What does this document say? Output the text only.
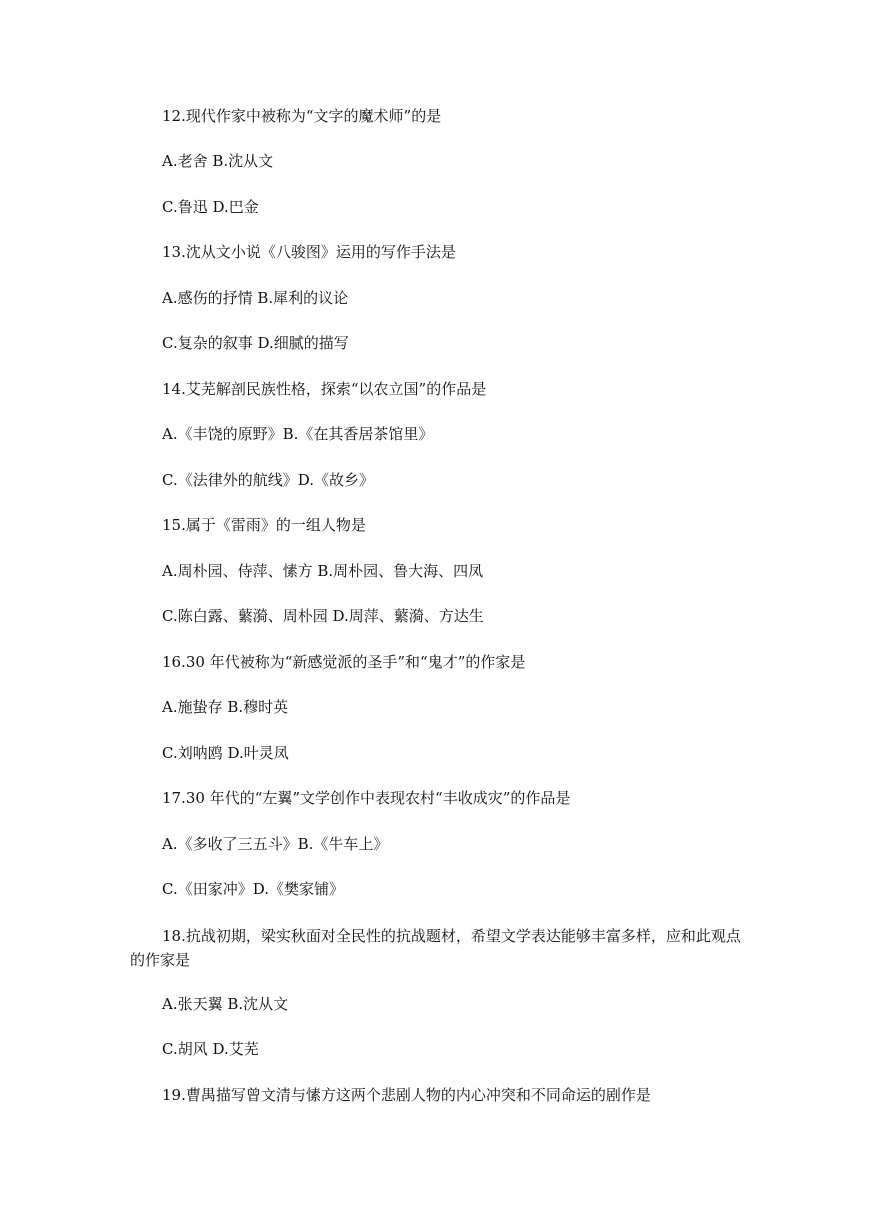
12.现代作家中被称为“文字的魔术师”的是
A.老舍 B.沈从文
C.鲁迅 D.巴金
13.沈从文小说《八骏图》运用的写作手法是
A.感伤的抒情 B.犀利的议论
C.复杂的叙事 D.细腻的描写
14.艾芜解剖民族性格，探索“以农立国”的作品是
A.《丰饶的原野》B.《在其香居茶馆里》
C.《法律外的航线》D.《故乡》
15.属于《雷雨》的一组人物是
A.周朴园、侍萍、愫方 B.周朴园、鲁大海、四凤
C.陈白露、蘩漪、周朴园 D.周萍、蘩漪、方达生
16.30 年代被称为“新感觉派的圣手”和“鬼才”的作家是
A.施蛰存 B.穆时英
C.刘呐鸥 D.叶灵凤
17.30 年代的“左翼”文学创作中表现农村“丰收成灾”的作品是
A.《多收了三五斗》B.《牛车上》
C.《田家冲》D.《樊家铺》
18.抗战初期，梁实秋面对全民性的抗战题材，希望文学表达能够丰富多样，应和此观点的作家是
A.张天翼 B.沈从文
C.胡风 D.艾芜
19.曹禺描写曾文清与愫方这两个悲剧人物的内心冲突和不同命运的剧作是
